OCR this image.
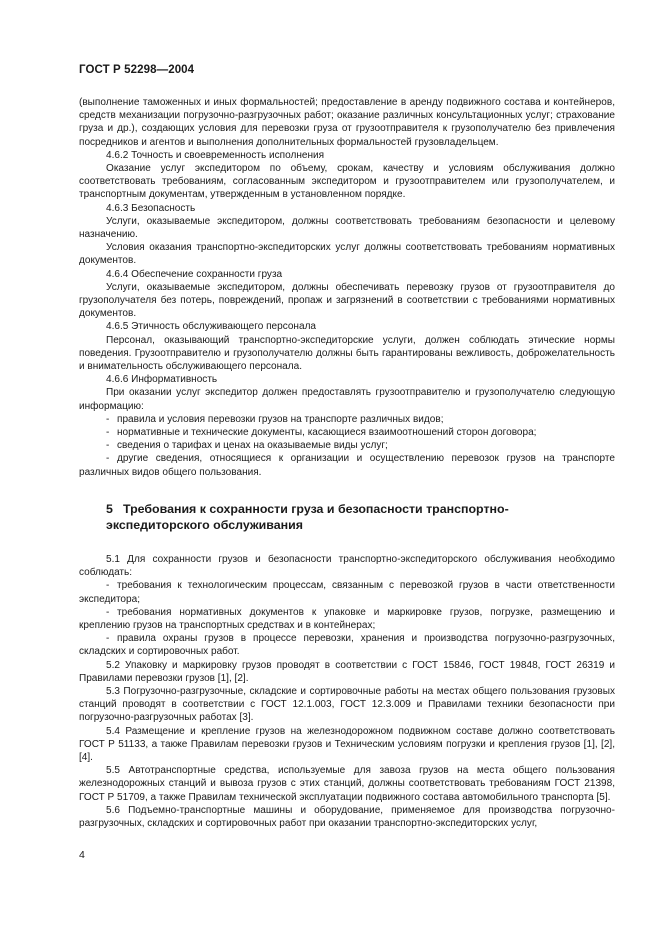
ГОСТ Р 52298—2004

(выполнение таможенных и иных формальностей; предоставление в аренду подвижного состава и контейнеров, средств механизации погрузочно-разгрузочных работ; оказание различных консультационных услуг; страхование груза и др.), создающих условия для перевозки груза от грузоотправителя к грузополучателю без привлечения посредников и агентов и выполнения дополнительных формальностей грузовладельцем.

4.6.2 Точность и своевременность исполнения

Оказание услуг экспедитором по объему, срокам, качеству и условиям обслуживания должно соответствовать требованиям, согласованным экспедитором и грузоотправителем или грузополучателем, и транспортным документам, утвержденным в установленном порядке.

4.6.3 Безопасность

Услуги, оказываемые экспедитором, должны соответствовать требованиям безопасности и целевому назначению.

Условия оказания транспортно-экспедиторских услуг должны соответствовать требованиям нормативных документов.

4.6.4 Обеспечение сохранности груза

Услуги, оказываемые экспедитором, должны обеспечивать перевозку грузов от грузоотправителя до грузополучателя без потерь, повреждений, пропаж и загрязнений в соответствии с требованиями нормативных документов.

4.6.5 Этичность обслуживающего персонала

Персонал, оказывающий транспортно-экспедиторские услуги, должен соблюдать этические нормы поведения. Грузоотправителю и грузополучателю должны быть гарантированы вежливость, доброжелательность и внимательность обслуживающего персонала.

4.6.6 Информативность

При оказании услуг экспедитор должен предоставлять грузоотправителю и грузополучателю следующую информацию:

- правила и условия перевозки грузов на транспорте различных видов;

- нормативные и технические документы, касающиеся взаимоотношений сторон договора;

- сведения о тарифах и ценах на оказываемые виды услуг;

- другие сведения, относящиеся к организации и осуществлению перевозок грузов на транспорте различных видов общего пользования.

5 Требования к сохранности груза и безопасности транспортно-
экспедиторского обслуживания

5.1 Для сохранности грузов и безопасности транспортно-экспедиторского обслуживания необходимо соблюдать:

- требования к технологическим процессам, связанным с перевозкой грузов в части ответственности экспедитора;

- требования нормативных документов к упаковке и маркировке грузов, погрузке, размещению и креплению грузов на транспортных средствах и в контейнерах;

- правила охраны грузов в процессе перевозки, хранения и производства погрузочно-разгрузочных, складских и сортировочных работ.

5.2 Упаковку и маркировку грузов проводят в соответствии с ГОСТ 15846, ГОСТ 19848, ГОСТ 26319 и Правилами перевозки грузов [1], [2].

5.3 Погрузочно-разгрузочные, складские и сортировочные работы на местах общего пользования грузовых станций проводят в соответствии с ГОСТ 12.1.003, ГОСТ 12.3.009 и Правилами техники безопасности при погрузочно-разгрузочных работах [3].

5.4 Размещение и крепление грузов на железнодорожном подвижном составе должно соответствовать ГОСТ Р 51133, а также Правилам перевозки грузов и Техническим условиям погрузки и крепления грузов [1], [2], [4].

5.5 Автотранспортные средства, используемые для завоза грузов на места общего пользования железнодорожных станций и вывоза грузов с этих станций, должны соответствовать требованиям ГОСТ 21398, ГОСТ Р 51709, а также Правилам технической эксплуатации подвижного состава автомобильного транспорта [5].

5.6 Подъемно-транспортные машины и оборудование, применяемое для производства погрузочно-разгрузочных, складских и сортировочных работ при оказании транспортно-экспедиторских услуг,

4
